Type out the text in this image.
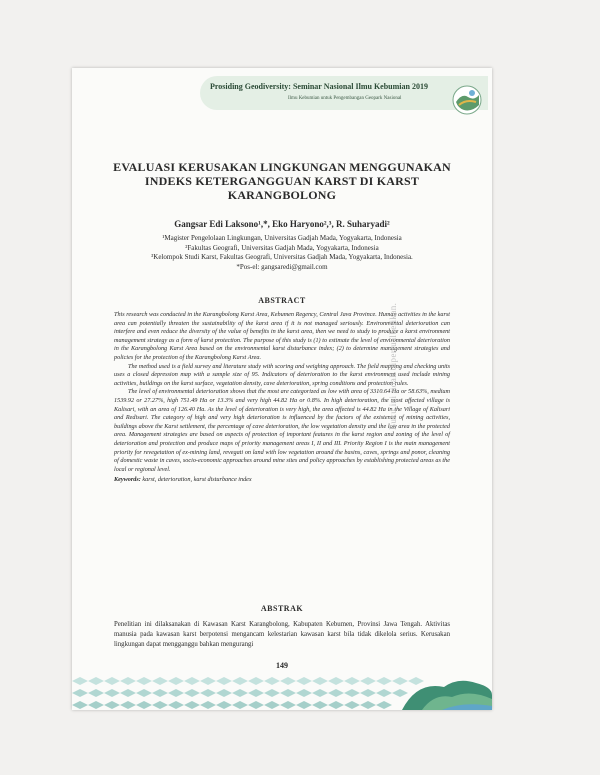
Prosiding Geodiversity: Seminar Nasional Ilmu Kebumian 2019
Ilmu Kebumian untuk Pengembangan Geopark Nasional
EVALUASI KERUSAKAN LINGKUNGAN MENGGUNAKAN INDEKS KETERGANGGUAN KARST DI KARST KARANGBOLONG
Gangsar Edi Laksono¹,*, Eko Haryono²,³, R. Suharyadi²
¹Magister Pengelolaan Lingkungan, Universitas Gadjah Mada, Yogyakarta, Indonesia
²Fakultas Geografi, Universitas Gadjah Mada, Yogyakarta, Indonesia
³Kelompok Studi Karst, Fakultas Geografi, Universitas Gadjah Mada, Yogyakarta, Indonesia.
*Pos-el: gangsaredi@gmail.com
ABSTRACT

This research was conducted in the Karangbolong Karst Area, Kebumen Regency, Central Java Province. Human activities in the karst area can potentially threaten the sustainability of the karst area if it is not managed seriously. Environmental deterioration can interfere and even reduce the diversity of the value of benefits in the karst area, then we need to study to produce a karst environment management strategy as a form of karst protection. The purpose of this study is (1) to estimate the level of environmental deterioration in the Karangbolong Karst Area based on the environmental karst disturbance index; (2) to determine management strategies and policies for the protection of the Karangbolong Karst Area.

The method used is a field survey and literature study with scoring and weighing approach. The field mapping and checking units uses a closed depression map with a sample size of 95. Indicators of deterioration to the karst environment used include mining activities, buildings on the karst surface, vegetation density, cave deterioration, spring conditions and protection rules.

The level of environmental deterioration shows that the most are categorized as low with area of 3310.64 Ha or 58.63%, medium 1539.92 or 27.27%, high 751.49 Ha or 13.3% and very high 44.82 Ha or 0.8%. In high deterioration, the most affected village is Kalisari, with an area of 126.40 Ha. As the level of deterioration is very high, the area affected is 44.82 Ha in the Village of Kalisari and Redisari. The category of high and very high deterioration is influenced by the factors of the existence of mining activities, buildings above the Karst settlement, the percentage of cave deterioration, the low vegetation density and the low area in the protected area. Management strategies are based on aspects of protection of important features in the karst region and zoning of the level of deterioration and protection and produce maps of priority management areas I, II and III. Priority Region I is the main management priority for revegetation of ex-mining land, revegati on land with low vegetation around the basins, caves, springs and ponor, cleaning of domestic waste in caves, socio-economic approaches around mine sites and policy approaches by establishing protected areas as the local or regional level.

Keywords: karst, deterioration, karst disturbance index

ABSTRAK
Penelitian ini dilaksanakan di Kawasan Karst Karangbolong, Kabupaten Kebumen, Provinsi Jawa Tengah. Aktivitas manusia pada kawasan karst berpotensi mengancam kelestarian kawasan karst bila tidak dikelola serius. Kerusakan lingkungan dapat mengganggu bahkan mengurangi
149
Buku ini tidak diperjualbelikan.
